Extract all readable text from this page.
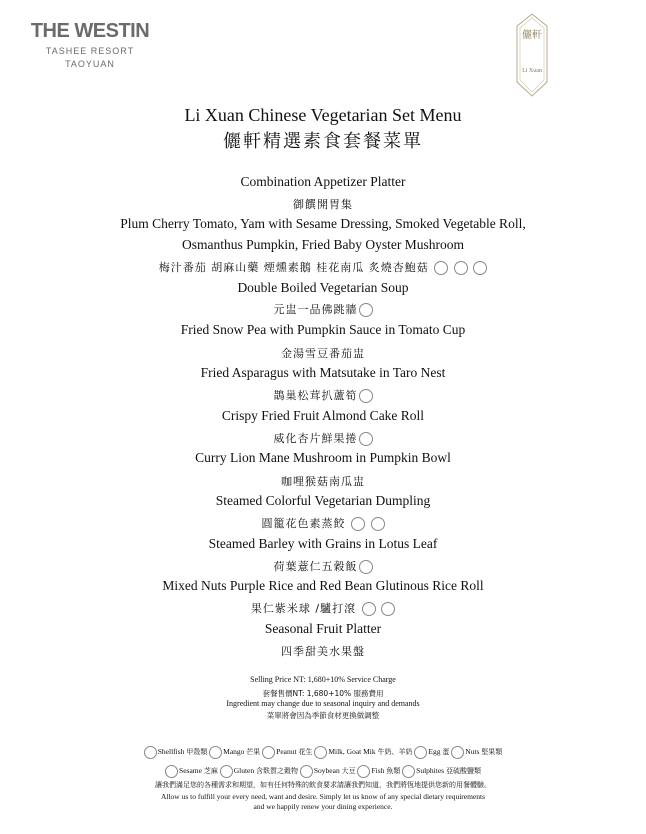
THE WESTIN
TASHEE RESORT
TAOYUAN
儷軒
Li Xuan
Li Xuan Chinese Vegetarian Set Menu
儷軒精選素食套餐菜單
Combination Appetizer Platter
御饌開胃集
Plum Cherry Tomato, Yam with Sesame Dressing, Smoked Vegetable Roll,
Osmanthus Pumpkin, Fried Baby Oyster Mushroom
梅汁番茄 胡麻山藥 煙燻素鵝 桂花南瓜 炙燒杏鮑菇
Double Boiled Vegetarian Soup
元盅一品佛跳牆
Fried Snow Pea with Pumpkin Sauce in Tomato Cup
金湯雪豆番茄盅
Fried Asparagus with Matsutake in Taro Nest
鵲巢松茸扒蘆筍
Crispy Fried Fruit Almond Cake Roll
威化杏片鮮果捲
Curry Lion Mane Mushroom in Pumpkin Bowl
咖哩猴菇南瓜盅
Steamed Colorful Vegetarian Dumpling
圓籠花色素蒸餃
Steamed Barley with Grains in Lotus Leaf
荷葉薏仁五穀飯
Mixed Nuts Purple Rice and Red Bean Glutinous Rice Roll
果仁紫米球 /驢打滾
Seasonal Fruit Platter
四季甜美水果盤
Selling Price NT: 1,680+10% Service Charge
套餐售價NT: 1,680+10% 服務費用
Ingredient may change due to seasonal inquiry and demands
菜單將會因為季節食材更換做調整
Shellfish 甲殼類 Mango 芒果 Peanut 花生 Milk, Goat Mik 牛奶、羊奶 Egg 蛋 Nuts 堅果類
Sesame 芝麻 Gluten 含麩質之穀物 Soybean 大豆 Fish 魚類 Sulphites 亞硫酸鹽類
讓我們滿足您的各種需求和期望，如有任何特殊的飲食要求請讓我們知道，我們將恆地提供您新的用餐體驗。
Allow us to fulfill your every need, want and desire. Simply let us know of any special dietary requirements
and we happily renew your dining experience.
